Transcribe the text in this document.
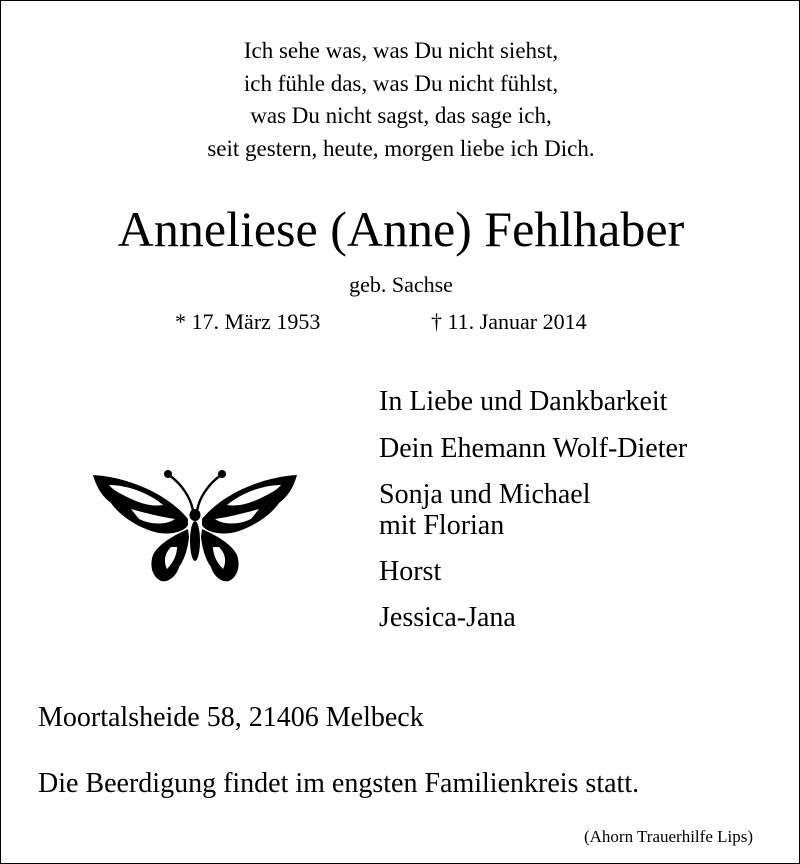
Ich sehe was, was Du nicht siehst,
ich fühle das, was Du nicht fühlst,
was Du nicht sagst, das sage ich,
seit gestern, heute, morgen liebe ich Dich.
Anneliese (Anne) Fehlhaber
geb. Sachse
* 17. März 1953	† 11. Januar 2014
In Liebe und Dankbarkeit
Dein Ehemann Wolf-Dieter
Sonja und Michael
mit Florian
Horst
Jessica-Jana
Moortalsheide 58, 21406 Melbeck
Die Beerdigung findet im engsten Familienkreis statt.
(Ahorn Trauerhilfe Lips)
